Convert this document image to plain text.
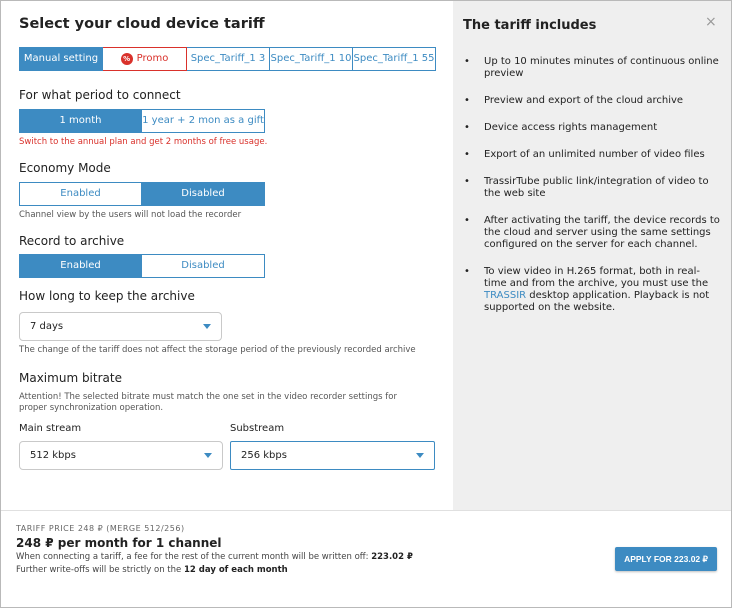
Select your cloud device tariff
Manual setting	% Promo	Spec_Tariff_1 3 Spec_Tariff_1 10 Spec_Tariff_1 55
For what period to connect
1 month	1 year + 2 mon as a gift
Switch to the annual plan and get 2 months of free usage.
Economy Mode
Enabled	Disabled
Channel view by the users will not load the recorder
Record to archive
Enabled	Disabled
How long to keep the archive
7 days
The change of the tariff does not affect the storage period of the previously recorded archive
Maximum bitrate
Attention! The selected bitrate must match the one set in the video recorder settings for proper synchronization operation.
Main stream
512 kbps
Substream
256 kbps
The tariff includes	×
• Up to 10 minutes minutes of continuous online preview
• Preview and export of the cloud archive
• Device access rights management
• Export of an unlimited number of video files
• TrassirTube public link/integration of video to the web site
• After activating the tariff, the device records to the cloud and server using the same settings configured on the server for each channel.
• To view video in H.265 format, both in real-time and from the archive, you must use the TRASSIR desktop application. Playback is not supported on the website.
TARIFF PRICE 248 ₽ (MERGE 512/256)
248 ₽ per month for 1 channel
When connecting a tariff, a fee for the rest of the current month will be written off: 223.02 ₽
Further write-offs will be strictly on the 12 day of each month
APPLY FOR 223.02 ₽
